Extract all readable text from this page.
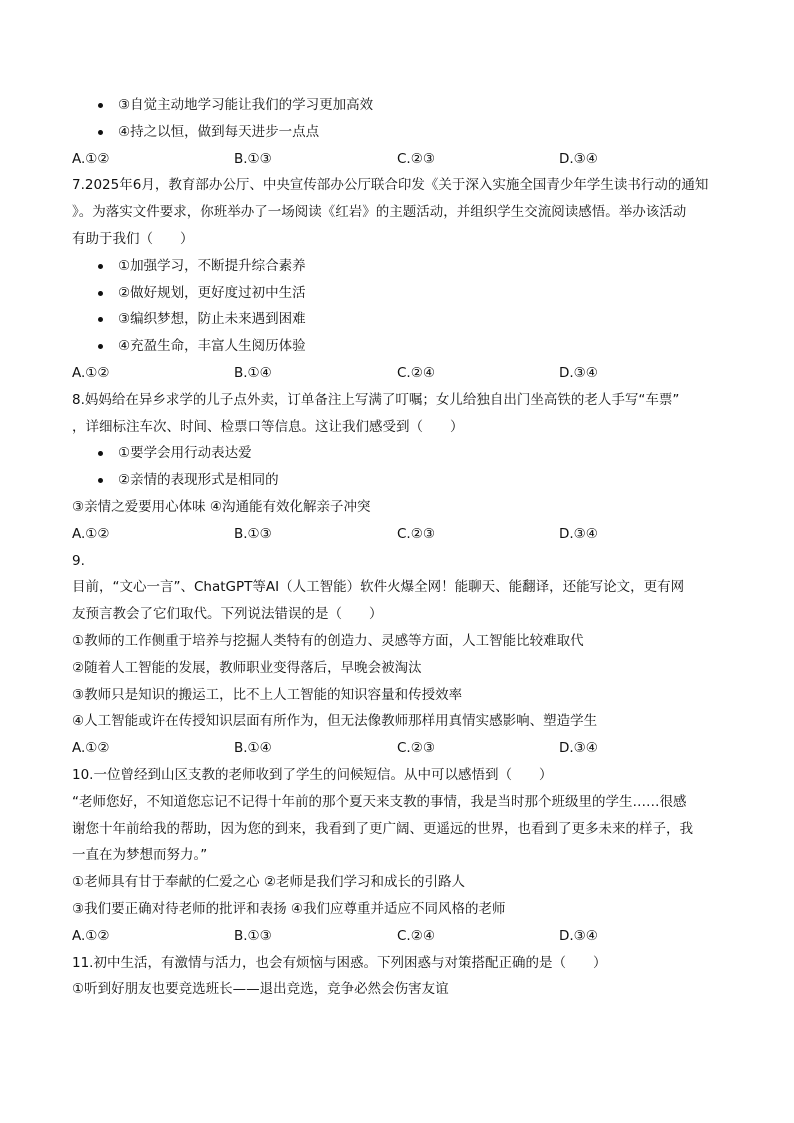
③自觉主动地学习能让我们的学习更加高效
④持之以恒，做到每天进步一点点
A.①②	B.①③	C.②③	D.③④
7.2025年6月，教育部办公厅、中央宣传部办公厅联合印发《关于深入实施全国青少年学生读书行动的通知
》。为落实文件要求，你班举办了一场阅读《红岩》的主题活动，并组织学生交流阅读感悟。举办该活动
有助于我们（　　）
①加强学习，不断提升综合素养
②做好规划，更好度过初中生活
③编织梦想，防止未来遇到困难
④充盈生命，丰富人生阅历体验
A.①②	B.①④	C.②④	D.③④
8.妈妈给在异乡求学的儿子点外卖，订单备注上写满了叮嘱；女儿给独自出门坐高铁的老人手写“车票”
，详细标注车次、时间、检票口等信息。这让我们感受到（　　）
①要学会用行动表达爱
②亲情的表现形式是相同的
③亲情之爱要用心体味 ④沟通能有效化解亲子冲突
A.①②	B.①③	C.②③	D.③④
9.
目前，“文心一言”、ChatGPT等AI（人工智能）软件火爆全网！能聊天、能翻译，还能写论文，更有网
友预言教会了它们取代。下列说法错误的是（　　）
①教师的工作侧重于培养与挖掘人类特有的创造力、灵感等方面，人工智能比较难取代
②随着人工智能的发展，教师职业变得落后，早晚会被淘汰
③教师只是知识的搬运工，比不上人工智能的知识容量和传授效率
④人工智能或许在传授知识层面有所作为，但无法像教师那样用真情实感影响、塑造学生
A.①②	B.①④	C.②③	D.③④
10.一位曾经到山区支教的老师收到了学生的问候短信。从中可以感悟到（　　）
“老师您好，不知道您忘记不记得十年前的那个夏天来支教的事情，我是当时那个班级里的学生……很感
谢您十年前给我的帮助，因为您的到来，我看到了更广阔、更遥远的世界，也看到了更多未来的样子，我
一直在为梦想而努力。”
①老师具有甘于奉献的仁爱之心 ②老师是我们学习和成长的引路人
③我们要正确对待老师的批评和表扬 ④我们应尊重并适应不同风格的老师
A.①②	B.①③	C.②④	D.③④
11.初中生活，有激情与活力，也会有烦恼与困惑。下列困惑与对策搭配正确的是（　　）
①听到好朋友也要竞选班长——退出竞选，竞争必然会伤害友谊
